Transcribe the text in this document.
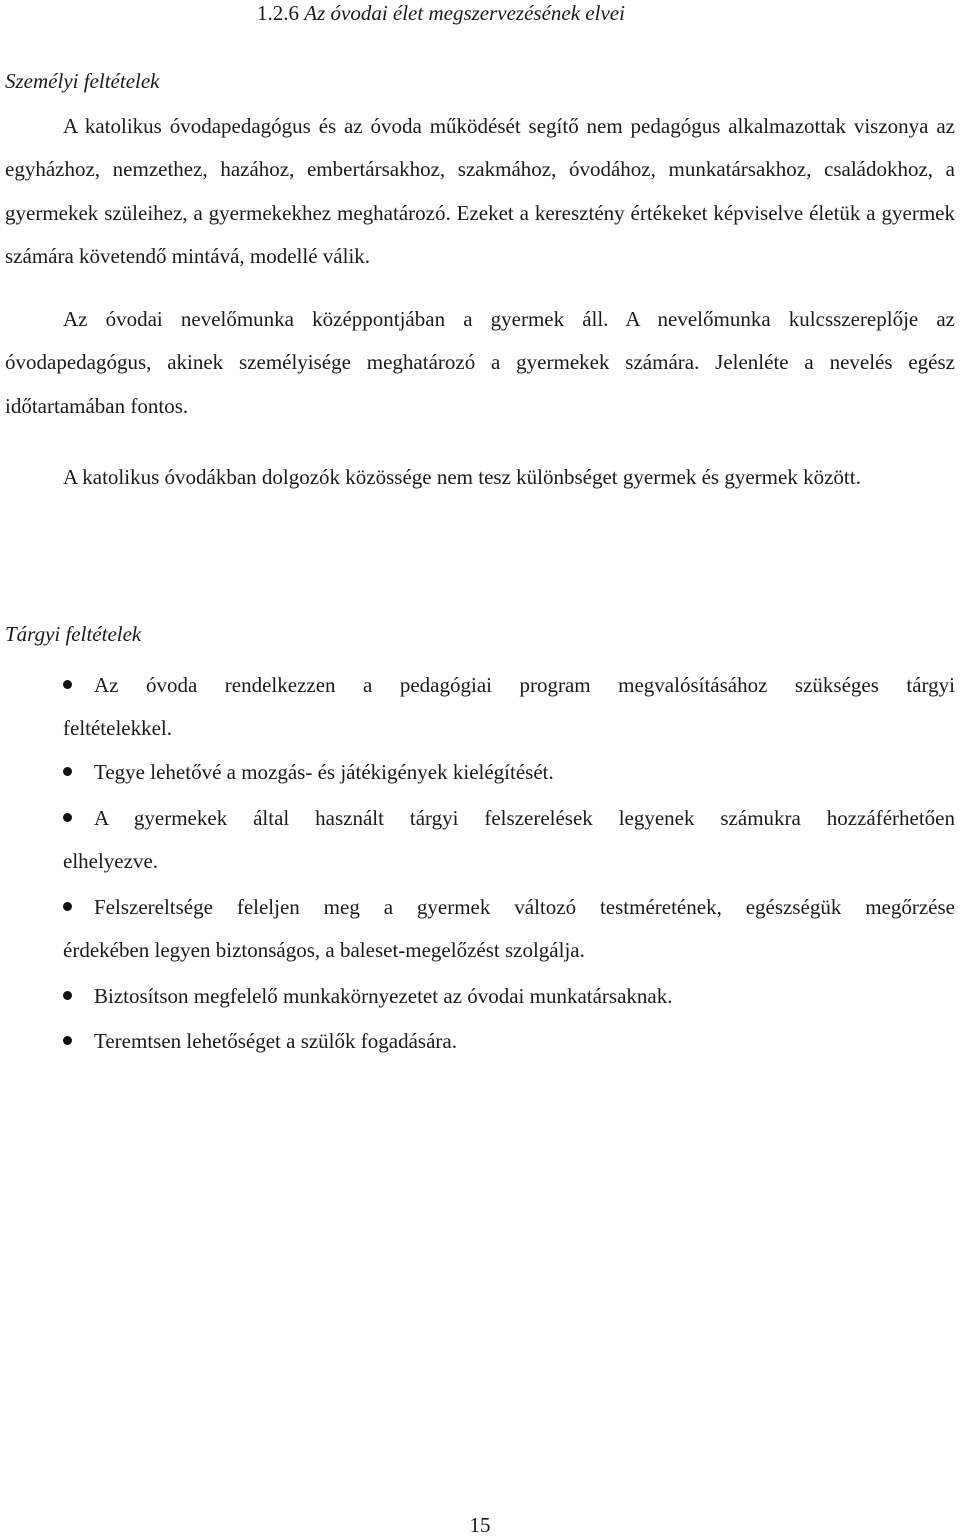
1.2.6 Az óvodai élet megszervezésének elvei
Személyi feltételek

A katolikus óvodapedagógus és az óvoda működését segítő nem pedagógus alkalmazottak viszonya az egyházhoz, nemzethez, hazához, embertársakhoz, szakmához, óvodához, munkatársakhoz, családokhoz, a gyermekek szüleihez, a gyermekekhez meghatározó. Ezeket a keresztény értékeket képviselve életük a gyermek számára követendő mintává, modellé válik.

Az óvodai nevelőmunka középpontjában a gyermek áll. A nevelőmunka kulcsszereplője az óvodapedagógus, akinek személyisége meghatározó a gyermekek számára. Jelenléte a nevelés egész időtartamában fontos.

A katolikus óvodákban dolgozók közössége nem tesz különbséget gyermek és gyermek között.

Tárgyi feltételek
Az óvoda rendelkezzen a pedagógiai program megvalósításához szükséges tárgyi
feltételekkel.
Tegye lehetővé a mozgás- és játékigények kielégítését.
A gyermekek által használt tárgyi felszerelések legyenek számukra hozzáférhetően
elhelyezve.
Felszereltsége feleljen meg a gyermek változó testméretének, egészségük megőrzése
érdekében legyen biztonságos, a baleset-megelőzést szolgálja.
Biztosítson megfelelő munkakörnyezetet az óvodai munkatársaknak.
Teremtsen lehetőséget a szülők fogadására.
15
